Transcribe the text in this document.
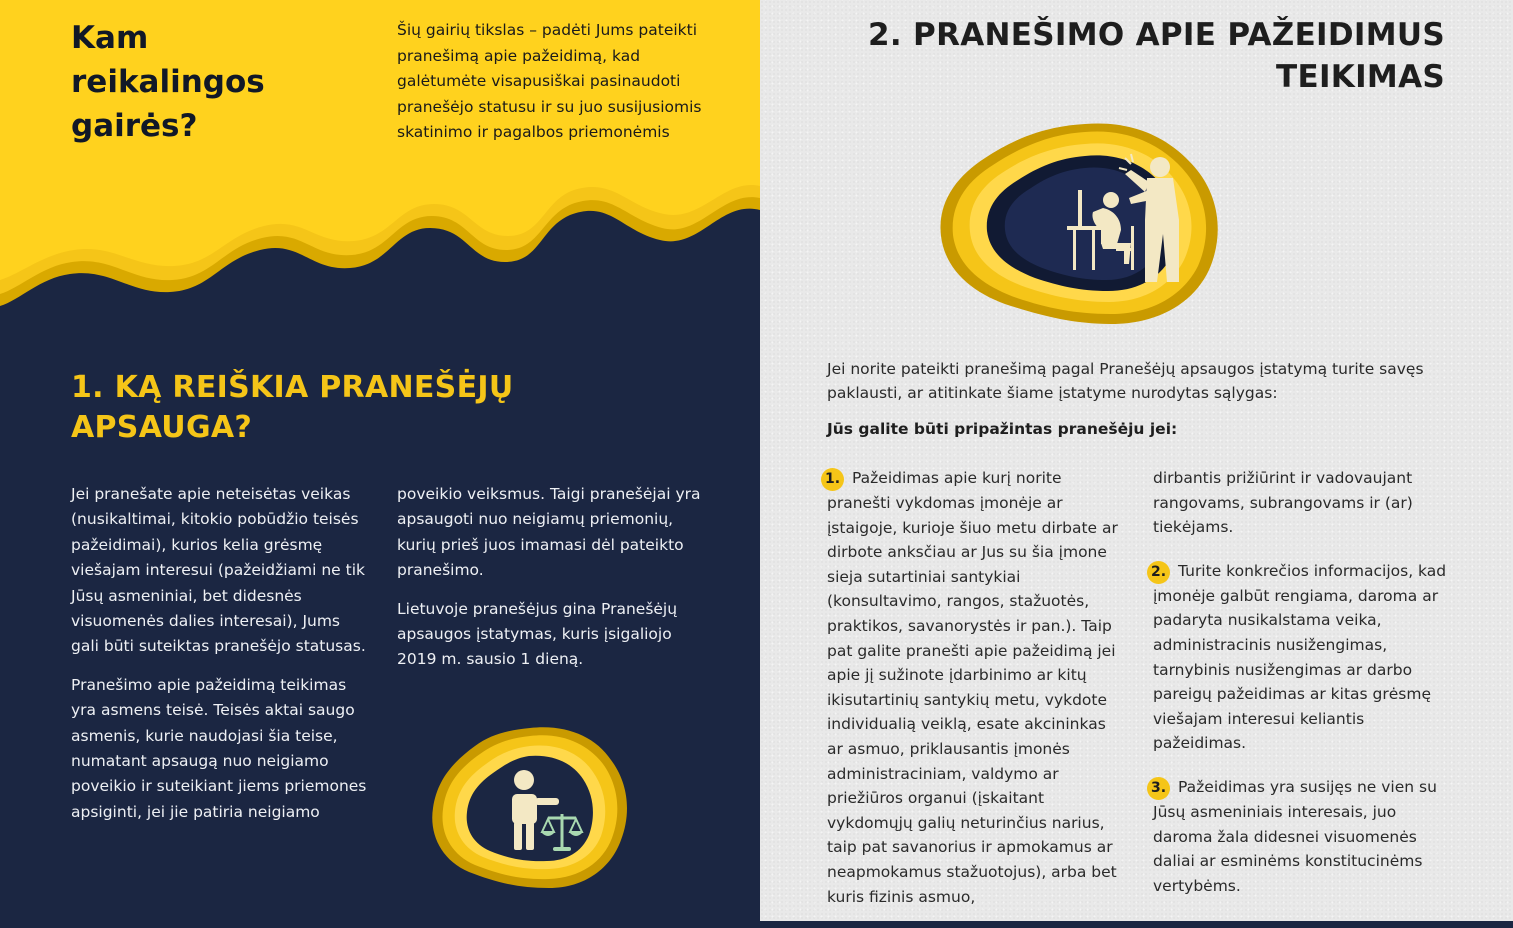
Kam reikalingos gairės?

Šių gairių tikslas – padėti Jums pateikti pranešimą apie pažeidimą, kad galėtumėte visapusiškai pasinaudoti pranešėjo statusu ir su juo susijusiomis skatinimo ir pagalbos priemonėmis

1. KĄ REIŠKIA PRANEŠĖJŲ APSAUGA?

Jei pranešate apie neteisėtas veikas (nusikaltimai, kitokio pobūdžio teisės pažeidimai), kurios kelia grėsmę viešajam interesui (pažeidžiami ne tik Jūsų asmeniniai, bet didesnės visuomenės dalies interesai), Jums gali būti suteiktas pranešėjo statusas.

Pranešimo apie pažeidimą teikimas yra asmens teisė. Teisės aktai saugo asmenis, kurie naudojasi šia teise, numatant apsaugą nuo neigiamo poveikio ir suteikiant jiems priemones apsiginti, jei jie patiria neigiamo

poveikio veiksmus. Taigi pranešėjai yra apsaugoti nuo neigiamų priemonių, kurių prieš juos imamasi dėl pateikto pranešimo.

Lietuvoje pranešėjus gina Pranešėjų apsaugos įstatymas, kuris įsigaliojo 2019 m. sausio 1 dieną.

2. PRANEŠIMO APIE PAŽEIDIMUS TEIKIMAS

Jei norite pateikti pranešimą pagal Pranešėjų apsaugos įstatymą turite savęs paklausti, ar atitinkate šiame įstatyme nurodytas sąlygas:

Jūs galite būti pripažintas pranešėju jei:

1. Pažeidimas apie kurį norite pranešti vykdomas įmonėje ar įstaigoje, kurioje šiuo metu dirbate ar dirbote anksčiau ar Jus su šia įmone sieja sutartiniai santykiai (konsultavimo, rangos, stažuotės, praktikos, savanorystės ir pan.). Taip pat galite pranešti apie pažeidimą jei apie jį sužinote įdarbinimo ar kitų ikisutartinių santykių metu, vykdote individualią veiklą, esate akcininkas ar asmuo, priklausantis įmonės administraciniam, valdymo ar priežiūros organui (įskaitant vykdomųjų galių neturinčius narius, taip pat savanorius ir apmokamus ar neapmokamus stažuotojus), arba bet kuris fizinis asmuo,

dirbantis prižiūrint ir vadovaujant rangovams, subrangovams ir (ar) tiekėjams.

2. Turite konkrečios informacijos, kad įmonėje galbūt rengiama, daroma ar padaryta nusikalstama veika, administracinis nusižengimas, tarnybinis nusižengimas ar darbo pareigų pažeidimas ar kitas grėsmę viešajam interesui keliantis pažeidimas.

3. Pažeidimas yra susijęs ne vien su Jūsų asmeniniais interesais, juo daroma žala didesnei visuomenės daliai ar esminėms konstitucinėms vertybėms.
